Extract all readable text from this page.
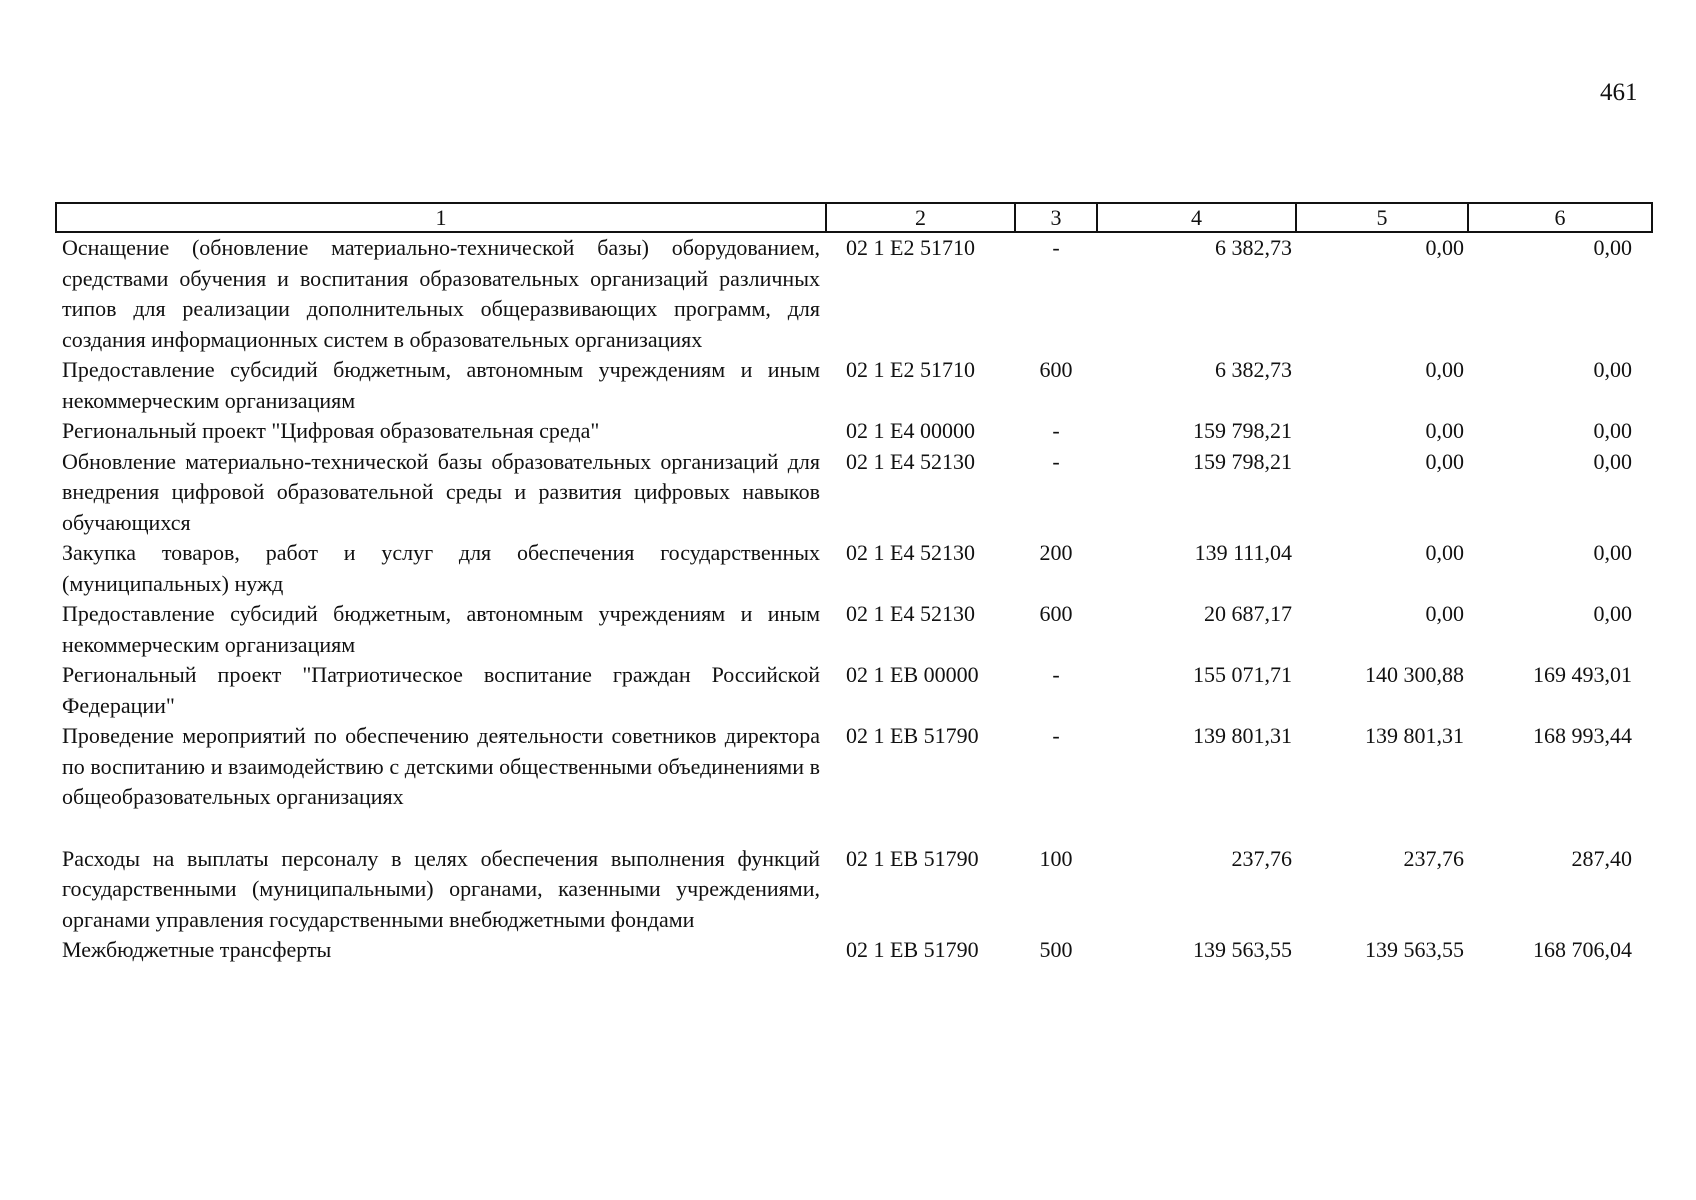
461
1	2	3	4	5	6
Оснащение (обновление материально-технической базы) оборудованием, средствами обучения и воспитания образовательных организаций различных типов для реализации дополнительных общеразвивающих программ, для создания информационных систем в образовательных организациях	02 1 E2 51710	-	6 382,73	0,00	0,00
Предоставление субсидий бюджетным, автономным учреждениям и иным некоммерческим организациям	02 1 E2 51710	600	6 382,73	0,00	0,00
Региональный проект "Цифровая образовательная среда"	02 1 E4 00000	-	159 798,21	0,00	0,00
Обновление материально-технической базы образовательных организаций для внедрения цифровой образовательной среды и развития цифровых навыков обучающихся	02 1 E4 52130	-	159 798,21	0,00	0,00
Закупка товаров, работ и услуг для обеспечения государственных (муниципальных) нужд	02 1 E4 52130	200	139 111,04	0,00	0,00
Предоставление субсидий бюджетным, автономным учреждениям и иным некоммерческим организациям	02 1 E4 52130	600	20 687,17	0,00	0,00
Региональный проект "Патриотическое воспитание граждан Российской Федерации"	02 1 EB 00000	-	155 071,71	140 300,88	169 493,01
Проведение мероприятий по обеспечению деятельности советников директора по воспитанию и взаимодействию с детскими общественными объединениями в общеобразовательных организациях	02 1 EB 51790	-	139 801,31	139 801,31	168 993,44
Расходы на выплаты персоналу в целях обеспечения выполнения функций государственными (муниципальными) органами, казенными учреждениями, органами управления государственными внебюджетными фондами	02 1 EB 51790	100	237,76	237,76	287,40
Межбюджетные трансферты	02 1 EB 51790	500	139 563,55	139 563,55	168 706,04
